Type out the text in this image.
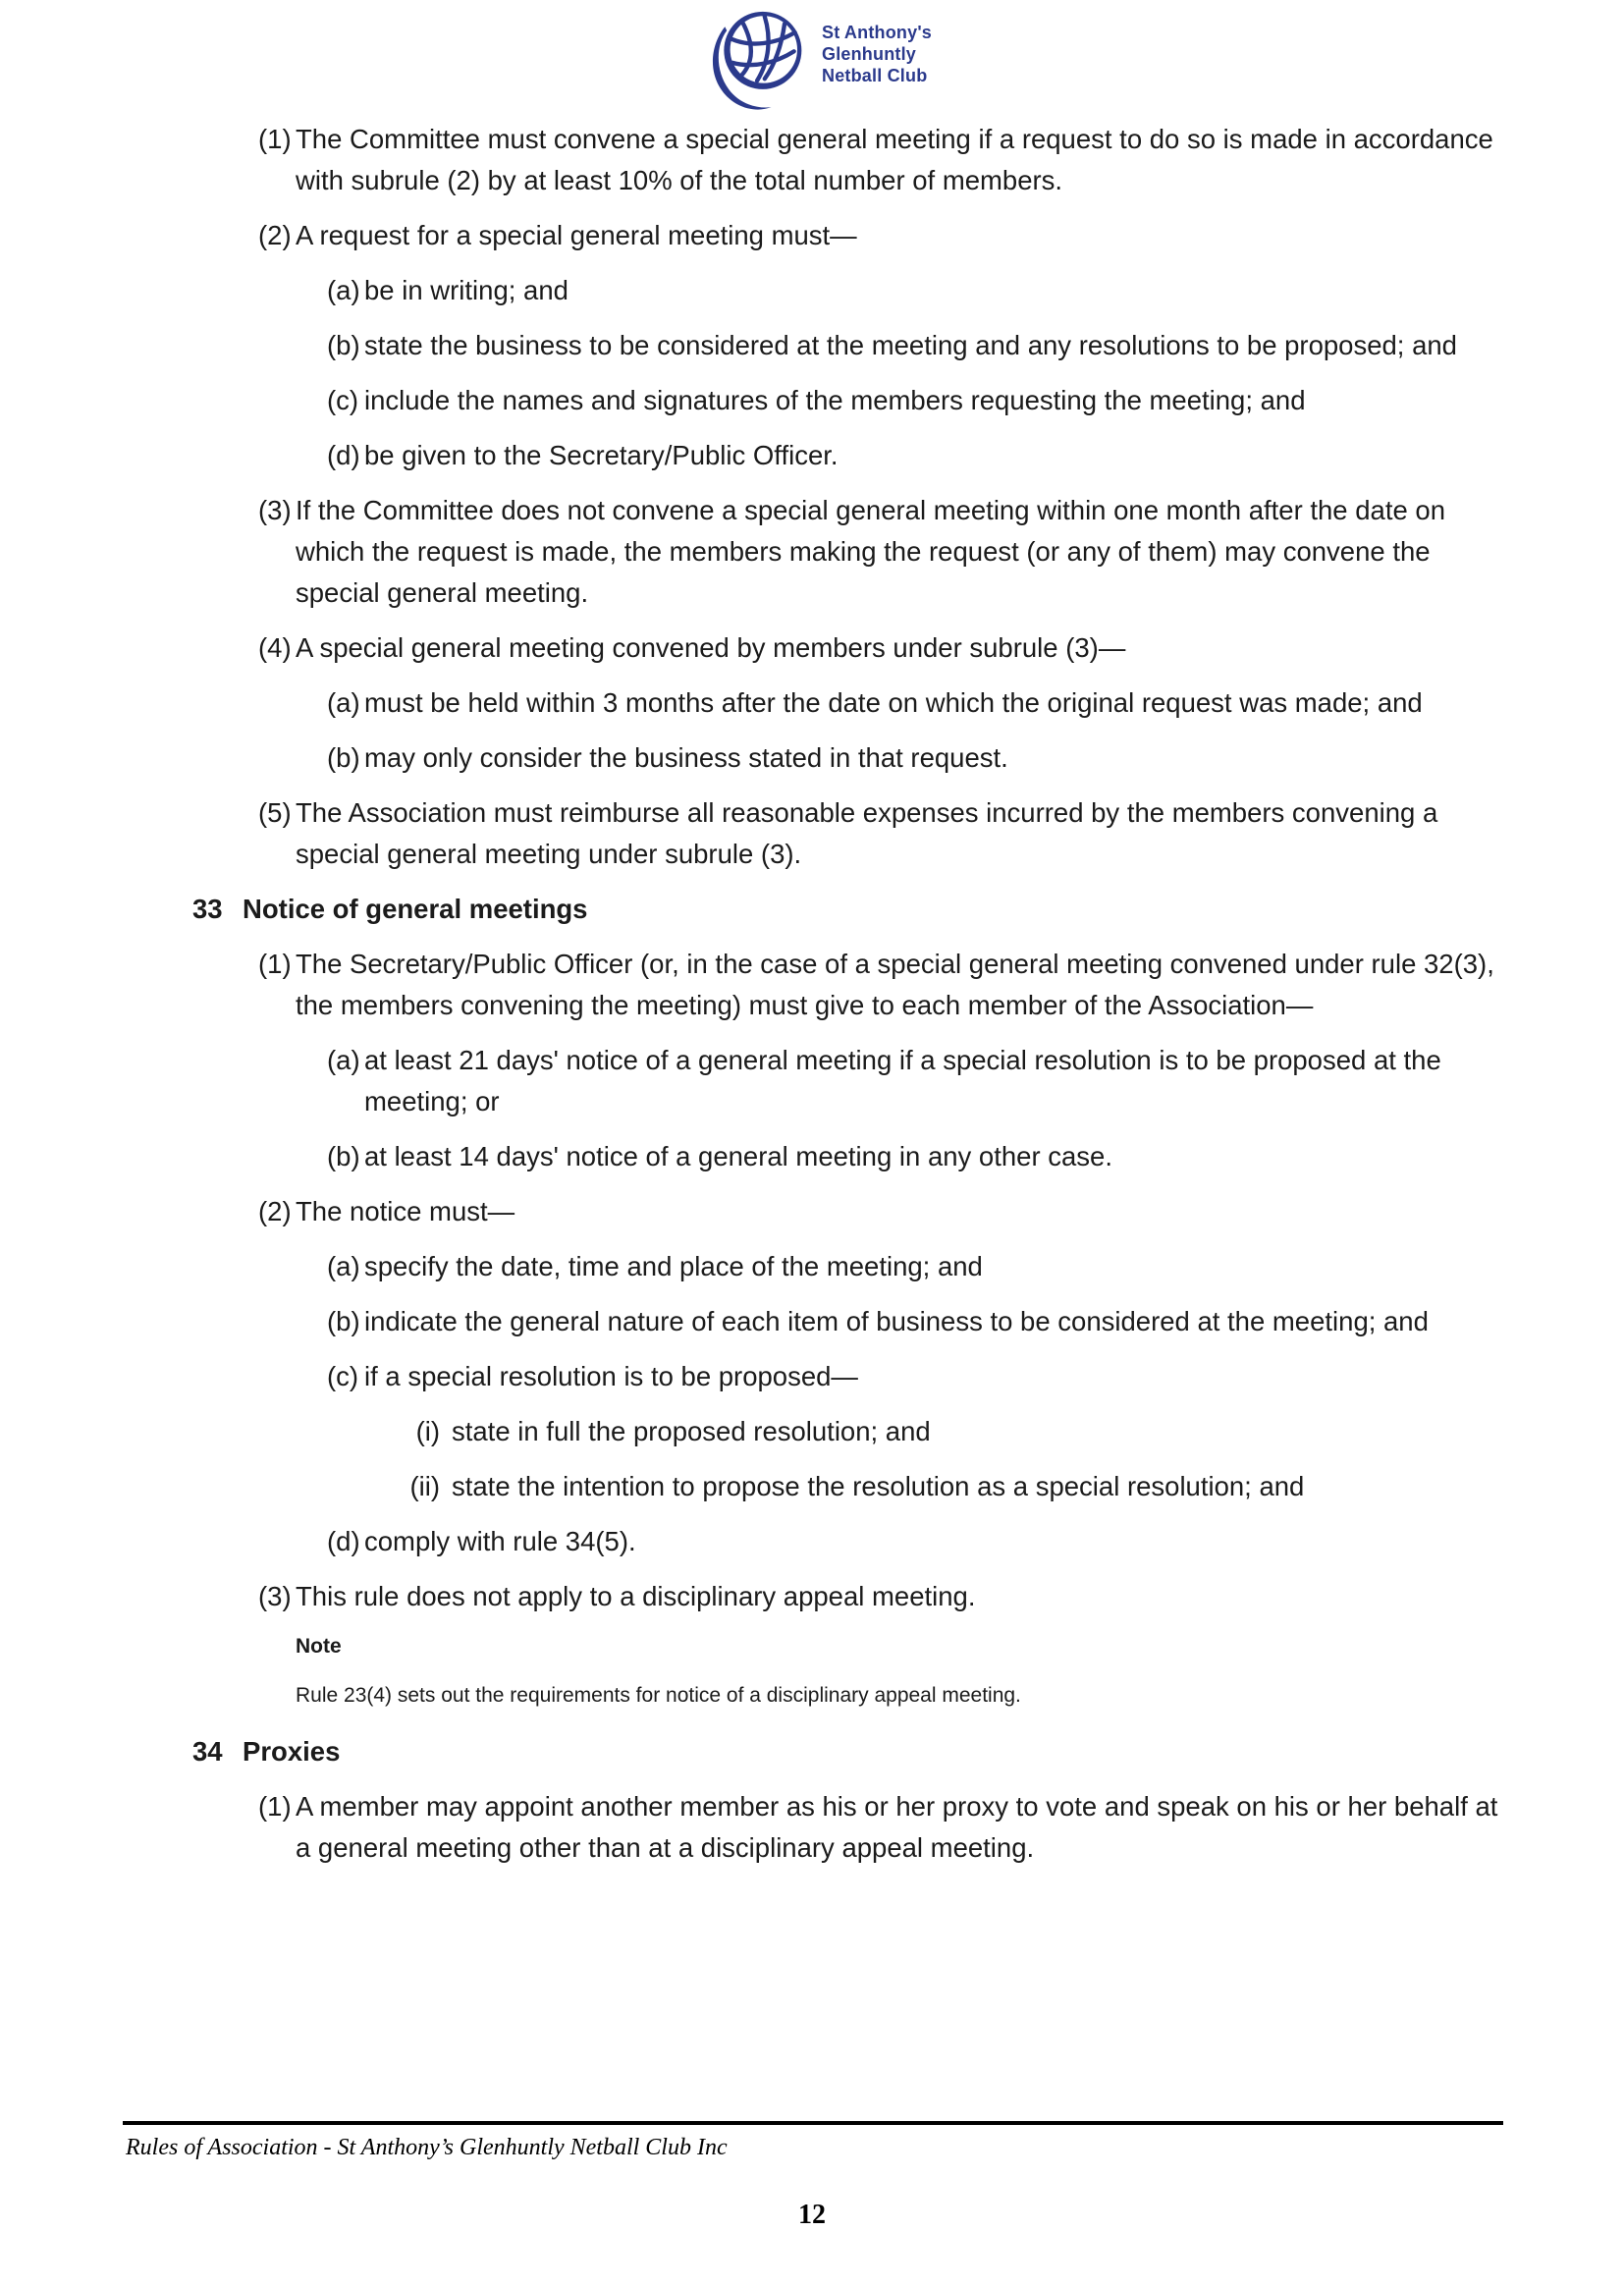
St Anthony's
Glenhuntly
Netball Club
(1) The Committee must convene a special general meeting if a request to do so is made in accordance with subrule (2) by at least 10% of the total number of members.
(2) A request for a special general meeting must—
(a) be in writing; and
(b) state the business to be considered at the meeting and any resolutions to be proposed; and
(c) include the names and signatures of the members requesting the meeting; and
(d) be given to the Secretary/Public Officer.
(3) If the Committee does not convene a special general meeting within one month after the date on which the request is made, the members making the request (or any of them) may convene the special general meeting.
(4) A special general meeting convened by members under subrule (3)—
(a) must be held within 3 months after the date on which the original request was made; and
(b) may only consider the business stated in that request.
(5) The Association must reimburse all reasonable expenses incurred by the members convening a special general meeting under subrule (3).
33 Notice of general meetings
(1) The Secretary/Public Officer (or, in the case of a special general meeting convened under rule 32(3), the members convening the meeting) must give to each member of the Association—
(a) at least 21 days' notice of a general meeting if a special resolution is to be proposed at the meeting; or
(b) at least 14 days' notice of a general meeting in any other case.
(2) The notice must—
(a) specify the date, time and place of the meeting; and
(b) indicate the general nature of each item of business to be considered at the meeting; and
(c) if a special resolution is to be proposed—
(i) state in full the proposed resolution; and
(ii) state the intention to propose the resolution as a special resolution; and
(d) comply with rule 34(5).
(3) This rule does not apply to a disciplinary appeal meeting.
Note
Rule 23(4) sets out the requirements for notice of a disciplinary appeal meeting.
34 Proxies
(1) A member may appoint another member as his or her proxy to vote and speak on his or her behalf at a general meeting other than at a disciplinary appeal meeting.
Rules of Association - St Anthony’s Glenhuntly Netball Club Inc
12
